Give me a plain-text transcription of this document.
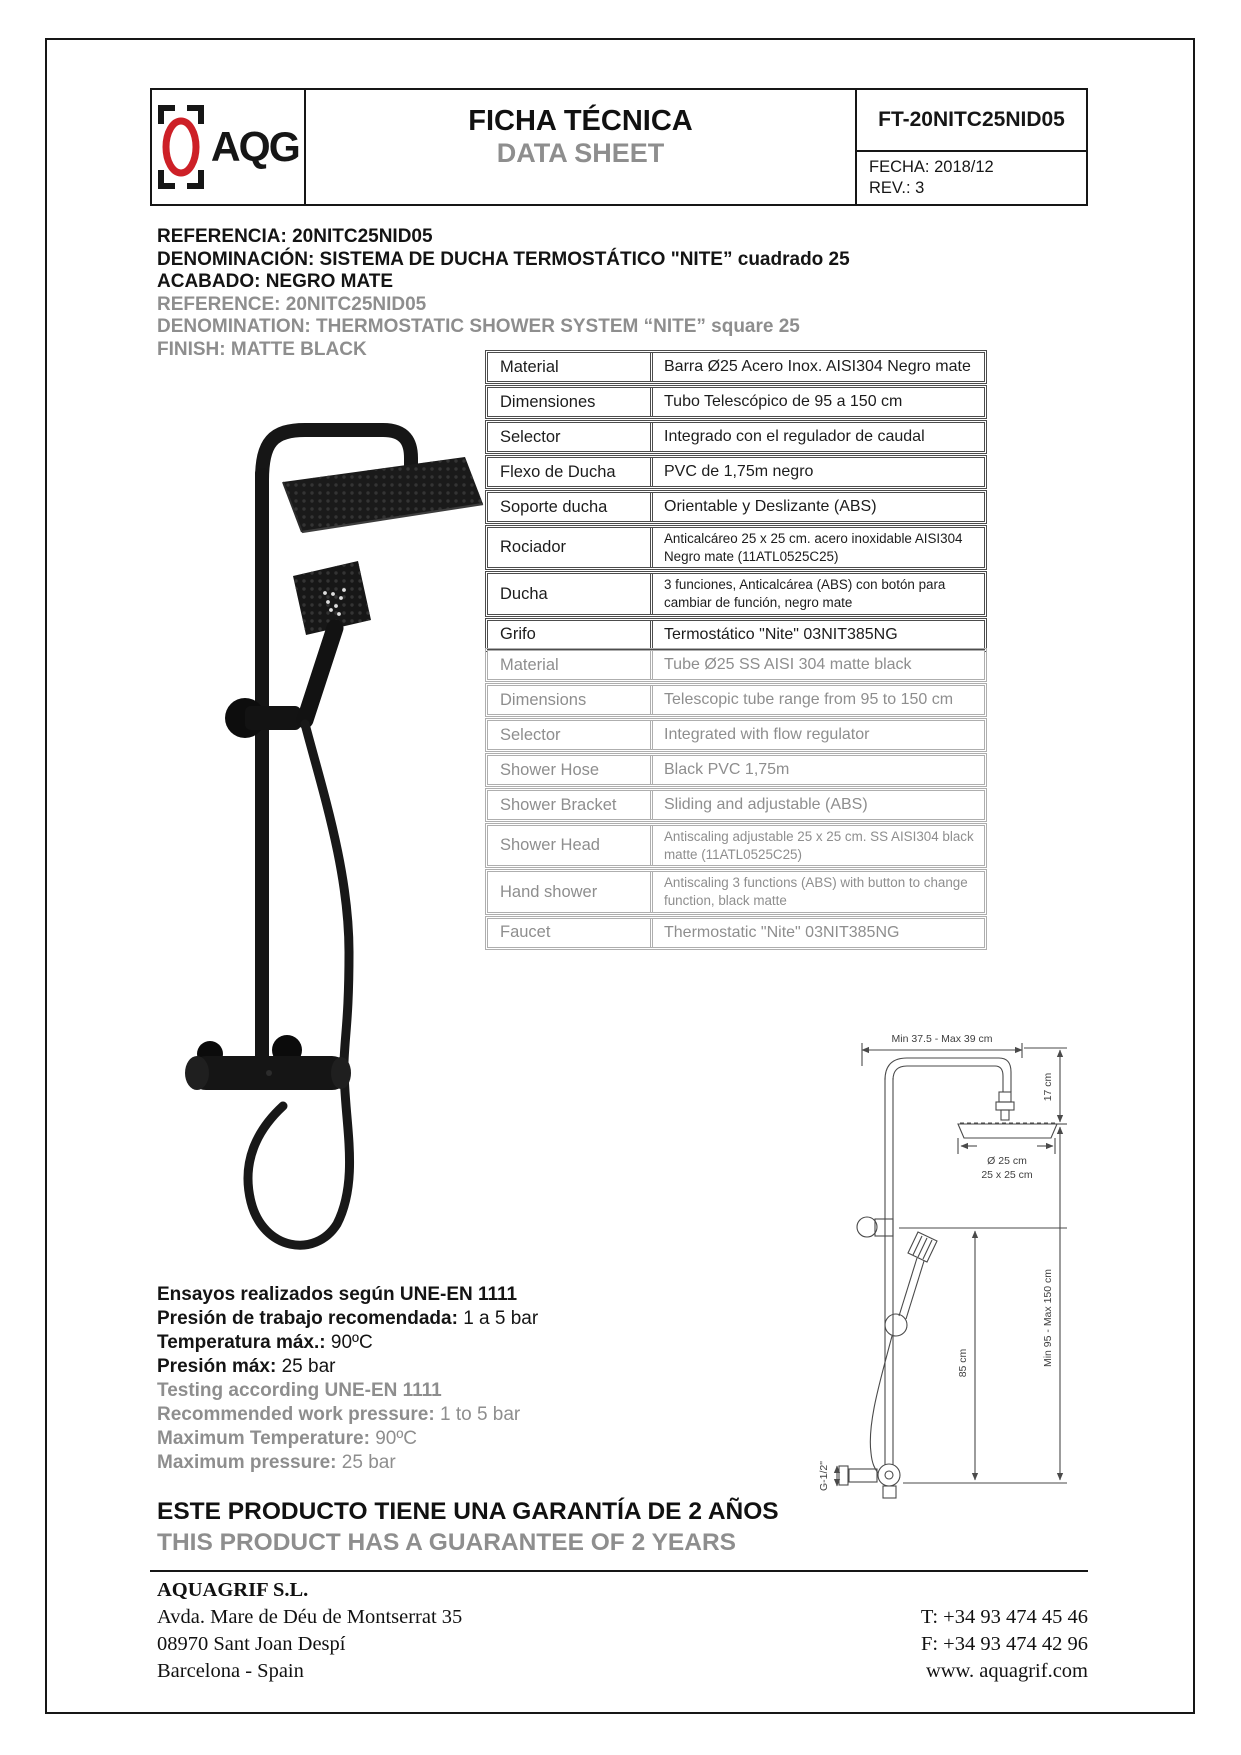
AQG
FICHA TÉCNICA
DATA SHEET
FT-20NITC25NID05
FECHA: 2018/12
REV.: 3

REFERENCIA: 20NITC25NID05

DENOMINACIÓN: SISTEMA DE DUCHA TERMOSTÁTICO "NITE” cuadrado 25

ACABADO: NEGRO MATE

REFERENCE: 20NITC25NID05

DENOMINATION: THERMOSTATIC SHOWER SYSTEM “NITE” square 25

FINISH: MATTE BLACK

Material	Barra Ø25 Acero Inox. AISI304 Negro mate
Dimensiones	Tubo Telescópico de 95 a 150 cm
Selector	Integrado con el regulador de caudal
Flexo de Ducha	PVC de 1,75m negro
Soporte ducha	Orientable y Deslizante (ABS)
Rociador	Anticalcáreo 25 x 25 cm. acero inoxidable AISI304 Negro mate (11ATL0525C25)
Ducha	3 funciones, Anticalcárea (ABS) con botón para cambiar de función, negro mate
Grifo	Termostático "Nite" 03NIT385NG
Material	Tube Ø25 SS AISI 304 matte black
Dimensions	Telescopic tube range from 95 to 150 cm
Selector	Integrated with flow regulator
Shower Hose	Black PVC 1,75m
Shower Bracket	Sliding and adjustable (ABS)
Shower Head	Antiscaling adjustable 25 x 25 cm. SS AISI304 black matte (11ATL0525C25)
Hand shower	Antiscaling 3 functions (ABS) with button to change function, black matte
Faucet	Thermostatic "Nite" 03NIT385NG
Min 37.5 - Max 39 cm
17 cm
Ø 25 cm
25 x 25 cm
85 cm	Min 95 - Max 150 cm
G-1/2"

Ensayos realizados según UNE-EN 1111

Presión de trabajo recomendada: 1 a 5 bar

Temperatura máx.: 90ºC

Presión máx: 25 bar

Testing according UNE-EN 1111

Recommended work pressure: 1 to 5 bar

Maximum Temperature: 90ºC

Maximum pressure: 25 bar

ESTE PRODUCTO TIENE UNA GARANTÍA DE 2 AÑOS
THIS PRODUCT HAS A GUARANTEE OF 2 YEARS
AQUAGRIF S.L.
Avda. Mare de Déu de Montserrat 35
08970 Sant Joan Despí
Barcelona - Spain
T: +34 93 474 45 46
F: +34 93 474 42 96
www. aquagrif.com
